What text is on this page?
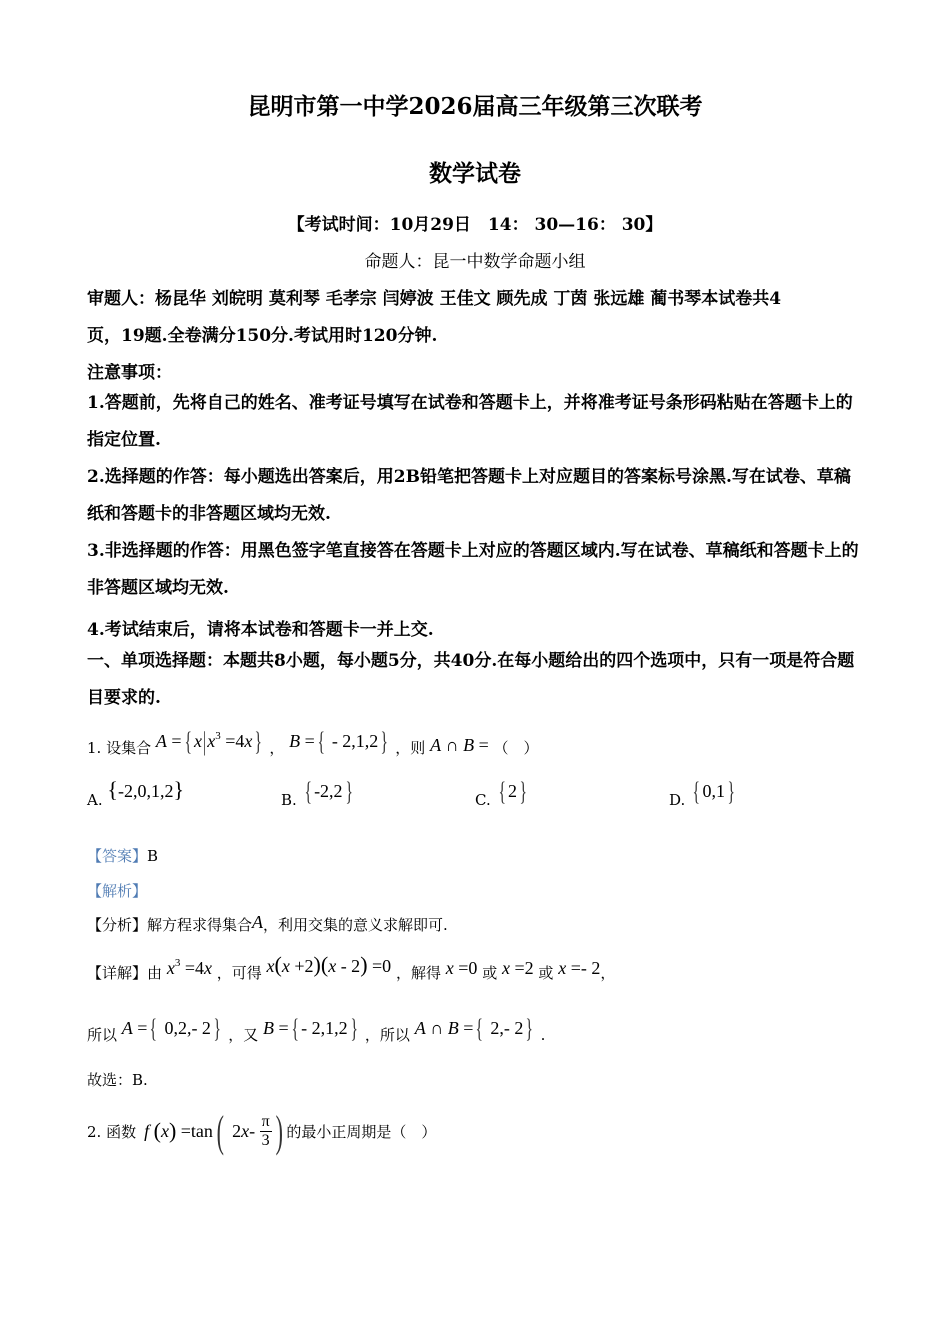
昆明市第一中学2026届高三年级第三次联考
数学试卷
【考试时间：10月29日　14： 30—16： 30】
命题人：昆一中数学命题小组
审题人：杨昆华 刘皖明 莫利琴 毛孝宗 闫婷波 王佳文 顾先成 丁茵 张远雄 蔺书琴本试卷共4
页，19题.全卷满分150分.考试用时120分钟.
注意事项：
1.答题前，先将自己的姓名、准考证号填写在试卷和答题卡上，并将准考证号条形码粘贴在答题卡上的指定位置.
2.选择题的作答：每小题选出答案后，用2B铅笔把答题卡上对应题目的答案标号涂黑.写在试卷、草稿纸和答题卡的非答题区域均无效.
3.非选择题的作答：用黑色签字笔直接答在答题卡上对应的答题区域内.写在试卷、草稿纸和答题卡上的非答题区域均无效.
4.考试结束后，请将本试卷和答题卡一并上交.
一、单项选择题：本题共8小题，每小题5分，共40分.在每小题给出的四个选项中，只有一项是符合题目要求的.
1. 设集合 A ={ $x|x^3 =4x$} ， B ={ - 2,1,2} ，则 A ∩ B = （　）
A. {-2,0,1,2}	B. { -2,2}	C. { 2}	D. { 0,1}
【答案】B
【解析】
【分析】解方程求得集合A，利用交集的意义求解即可.
【详解】由 $x^3 =4x$ ，可得 x(x +2)(x - 2) =0 ，解得 x =0 或 x =2 或 x =- 2，
所以 A ={ 0,2,- 2} ，又 B ={ - 2,1,2} ，所以 A ∩ B ={ 2,- 2} .
故选：B.
2. 函数 f
( x ) =tan ( 2 x - $\frac{\pi}{3}$ ) 的最小正周期是（　）
